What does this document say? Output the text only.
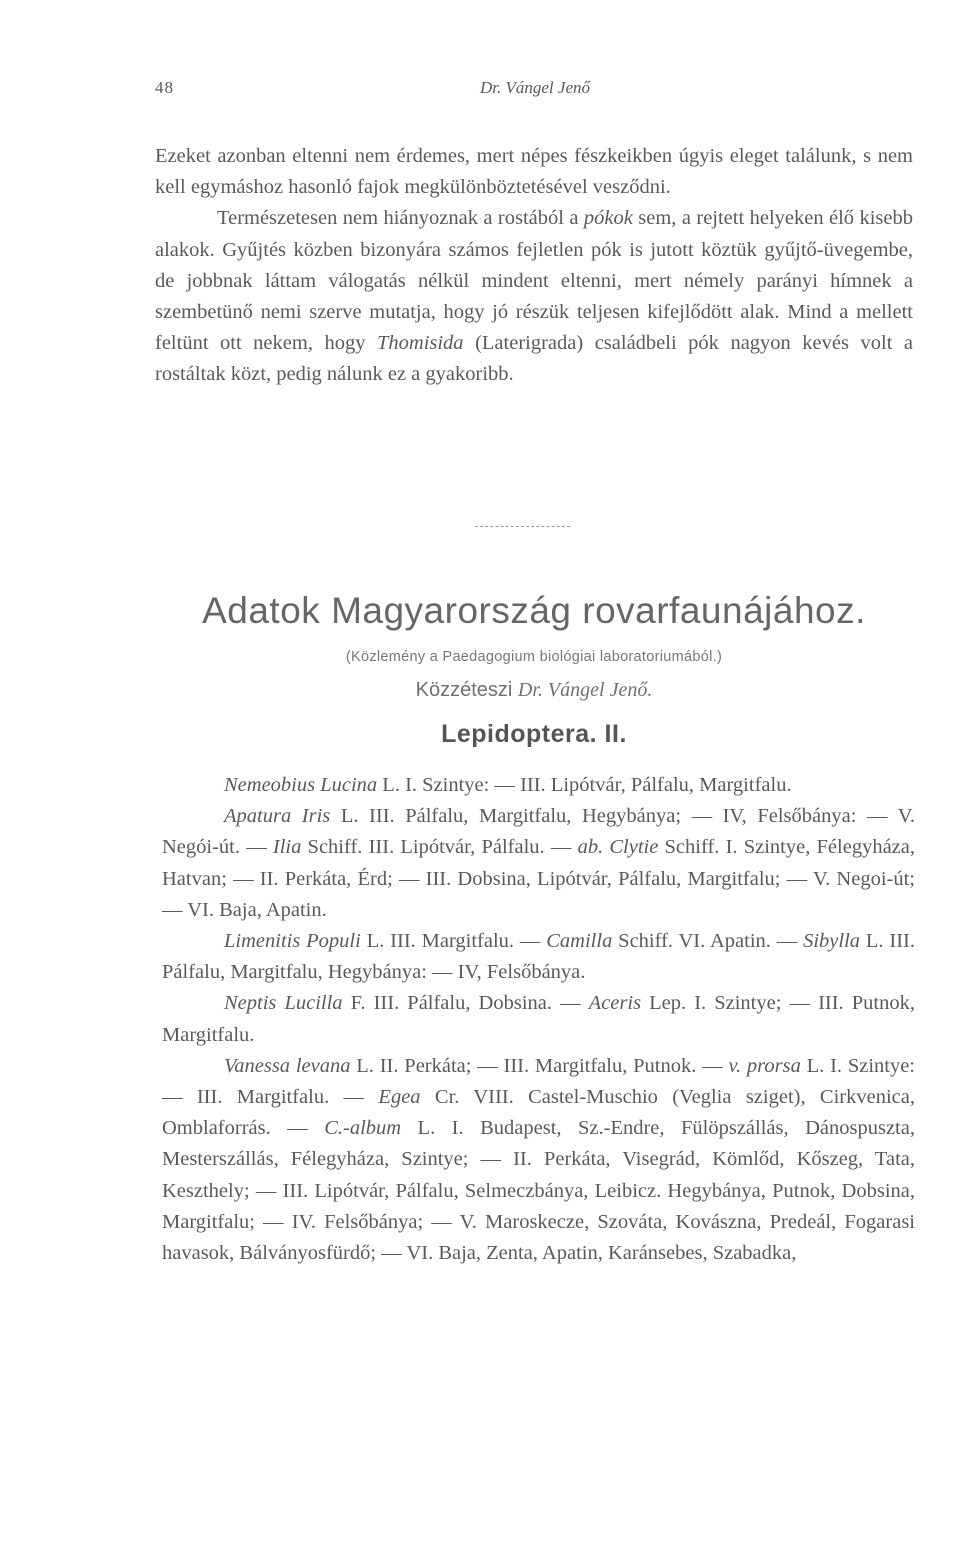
48	Dr. Vángel Jenő

Ezeket azonban eltenni nem érdemes, mert népes fészkeikben úgyis eleget találunk, s nem kell egymáshoz hasonló fajok megkülönböztetésével vesződni.

Természetesen nem hiányoznak a rostából a pókok sem, a rejtett helyeken élő kisebb alakok. Gyűjtés közben bizonyára számos fejletlen pók is jutott köztük gyűjtő-üvegembe, de jobbnak láttam válogatás nélkül mindent eltenni, mert némely parányi hímnek a szembetünő nemi szerve mutatja, hogy jó részük teljesen kifejlődött alak. Mind a mellett feltünt ott nekem, hogy Thomisida (Laterigrada) családbeli pók nagyon kevés volt a rostáltak közt, pedig nálunk ez a gyakoribb.

Adatok Magyarország rovarfaunájához.
(Közlemény a Paedagogium biológiai laboratoriumából.)
Közzéteszi Dr. Vángel Jenő.
Lepidoptera. II.

Nemeobius Lucina L. I. Szintye: — III. Lipótvár, Pálfalu, Margitfalu.

Apatura Iris L. III. Pálfalu, Margitfalu, Hegybánya; — IV, Felsőbánya: — V. Negói-út. — Ilia Schiff. III. Lipótvár, Pálfalu. — ab. Clytie Schiff. I. Szintye, Félegyháza, Hatvan; — II. Perkáta, Érd; — III. Dobsina, Lipótvár, Pálfalu, Margitfalu; — V. Negoi-út; — VI. Baja, Apatin.

Limenitis Populi L. III. Margitfalu. — Camilla Schiff. VI. Apatin. — Sibylla L. III. Pálfalu, Margitfalu, Hegybánya: — IV, Felsőbánya.

Neptis Lucilla F. III. Pálfalu, Dobsina. — Aceris Lep. I. Szintye; — III. Putnok, Margitfalu.

Vanessa levana L. II. Perkáta; — III. Margitfalu, Putnok. — v. prorsa L. I. Szintye: — III. Margitfalu. — Egea Cr. VIII. Castel-Muschio (Veglia sziget), Cirkvenica, Omblaforrás. — C.-album L. I. Budapest, Sz.-Endre, Fülöpszállás, Dánospuszta, Mesterszállás, Félegyháza, Szintye; — II. Perkáta, Visegrád, Kömlőd, Kőszeg, Tata, Keszthely; — III. Lipótvár, Pálfalu, Selmeczbánya, Leibicz. Hegybánya, Putnok, Dobsina, Margitfalu; — IV. Felsőbánya; — V. Maroskecze, Szováta, Kovászna, Predeál, Fogarasi havasok, Bálványosfürdő; — VI. Baja, Zenta, Apatin, Karánsebes, Szabadka,
